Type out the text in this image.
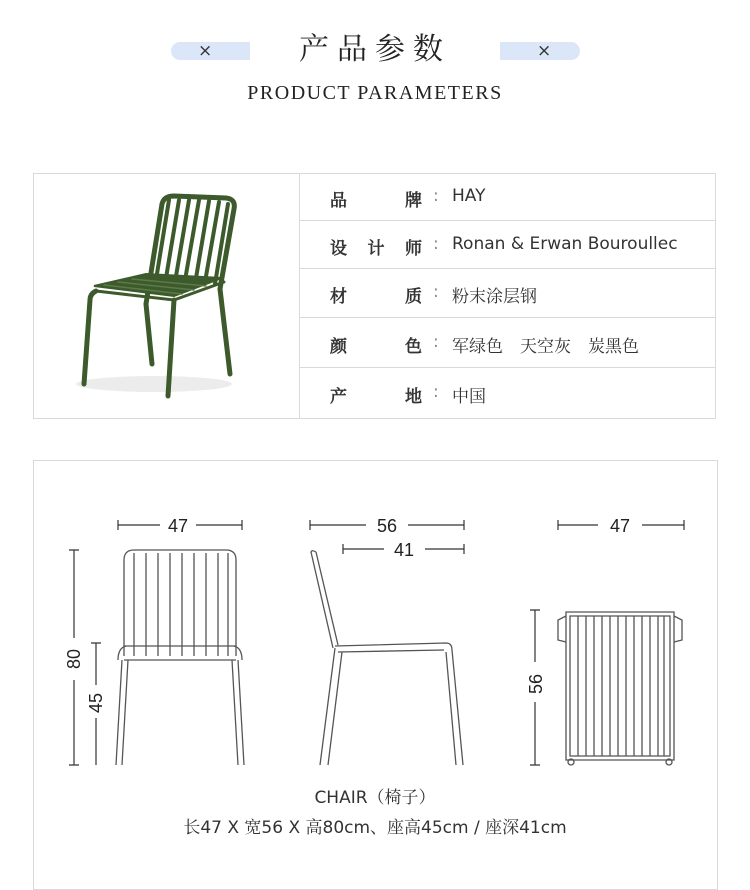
×	×
产品参数
PRODUCT PARAMETERS
品牌 : HAY
设计师 : Ronan & Erwan Bouroullec
材质 : 粉末涂层钢
颜色 : 军绿色　天空灰　炭黑色
产地 : 中国
47
80
45
56
41
47
56
CHAIR（椅子）
长47 X 宽56 X 高80cm、座高45cm / 座深41cm
